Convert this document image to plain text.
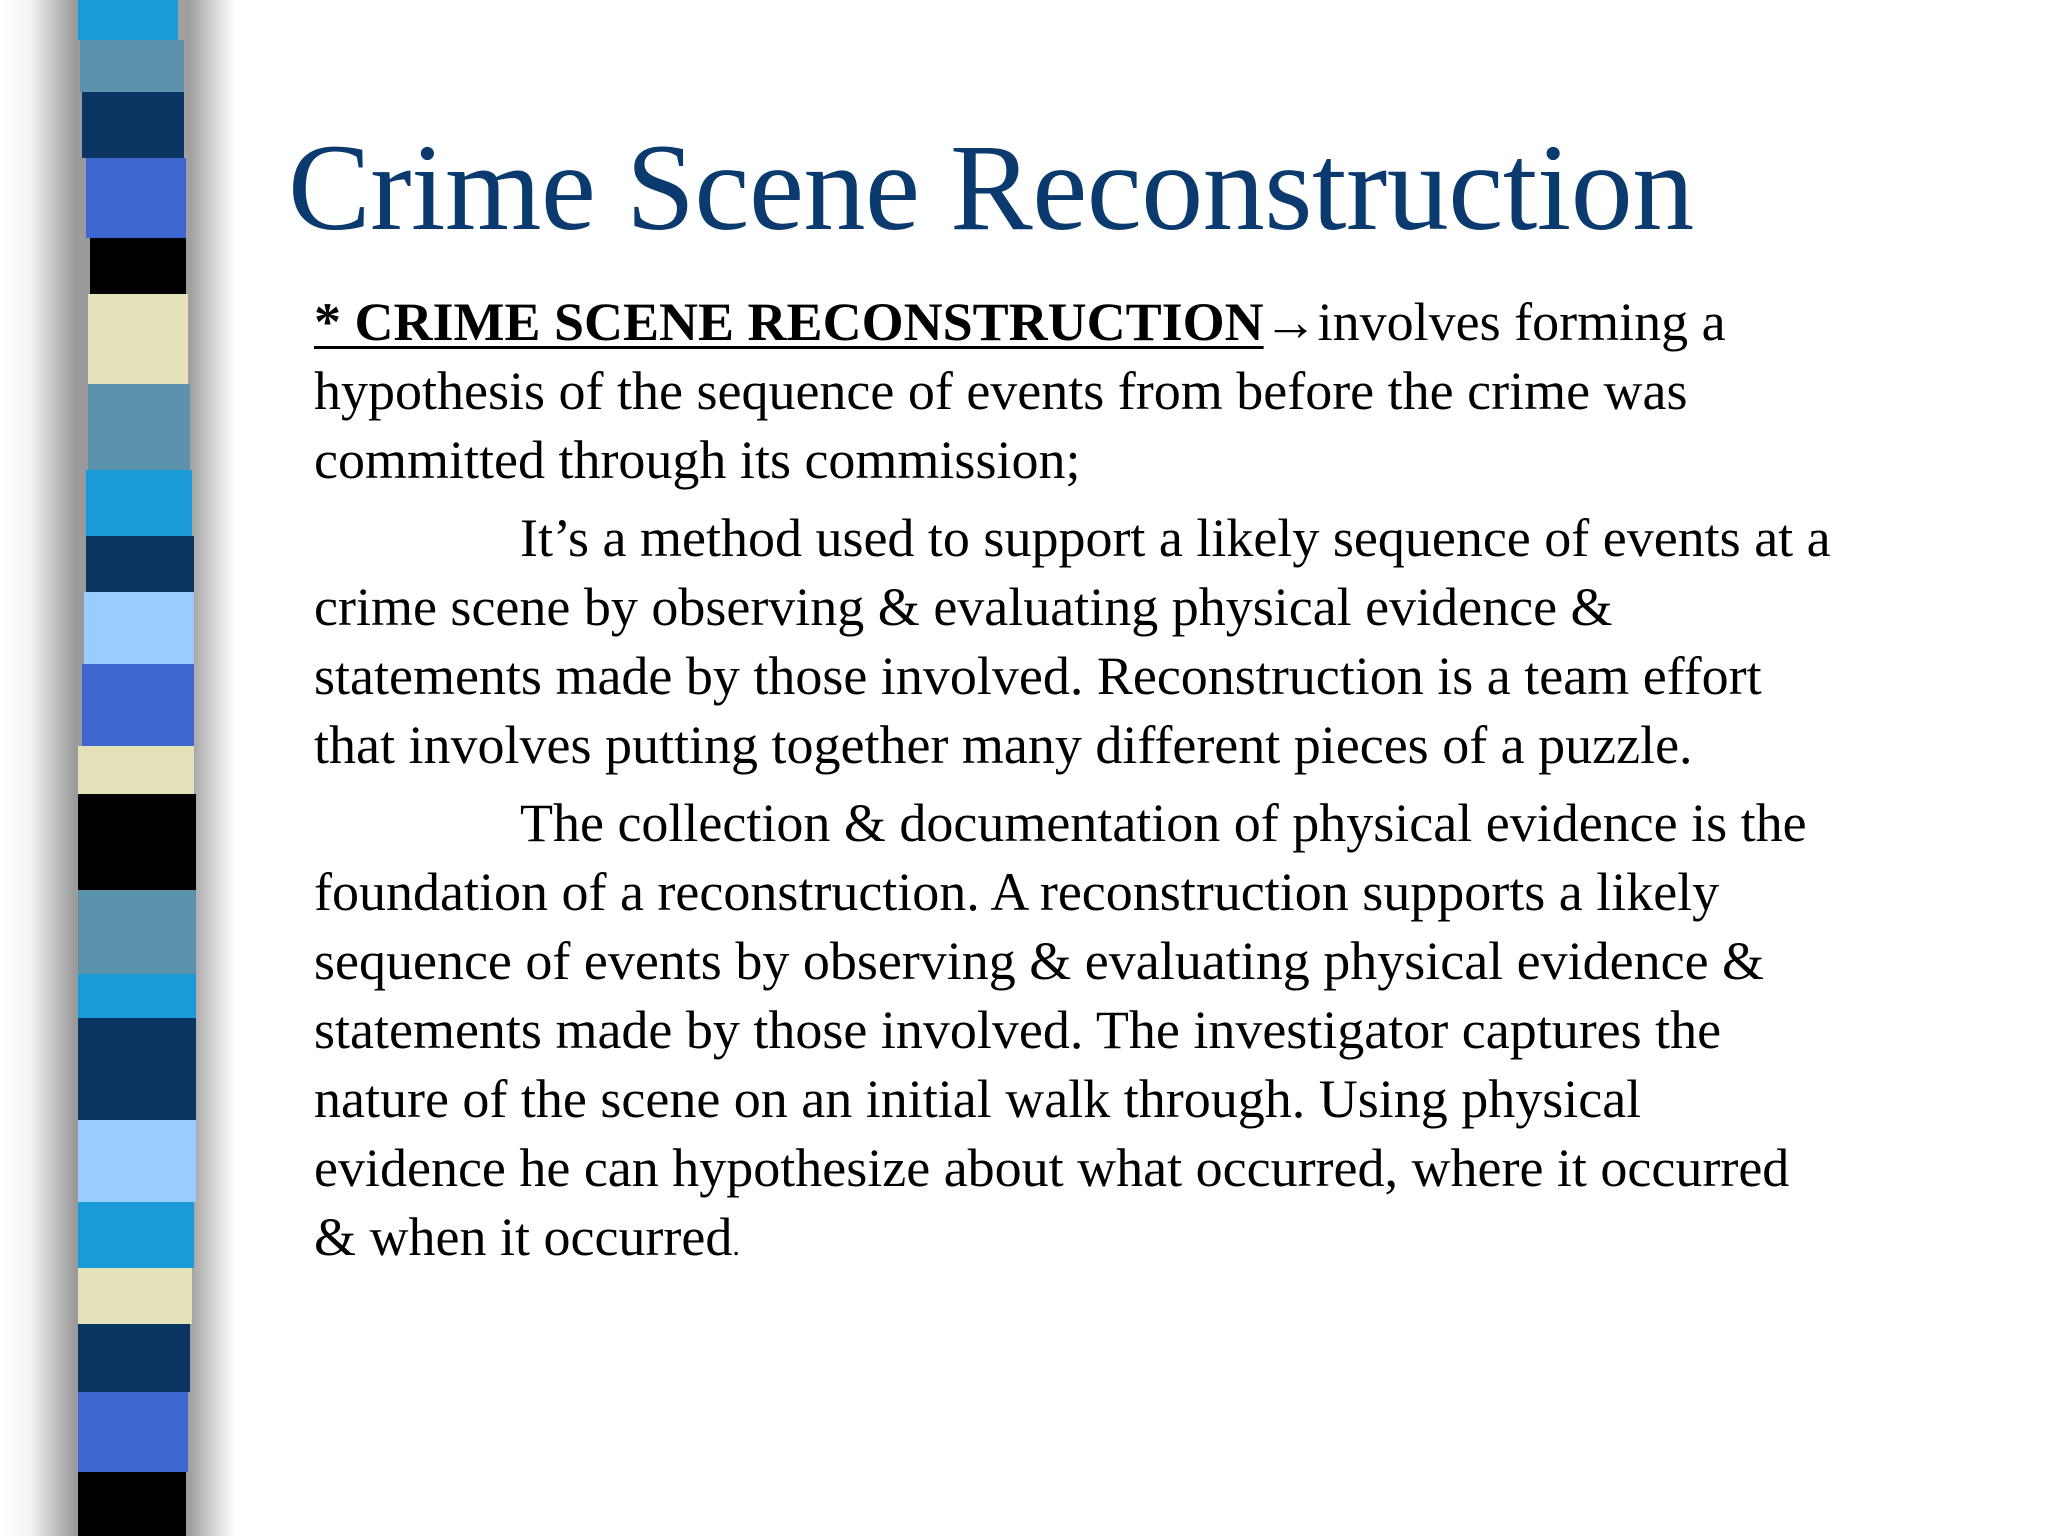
Crime Scene Reconstruction

* CRIME SCENE RECONSTRUCTION→involves forming a hypothesis of the sequence of events from before the crime was committed through its commission;

It’s a method used to support a likely sequence of events at a crime scene by observing & evaluating physical evidence & statements made by those involved. Reconstruction is a team effort that involves putting together many different pieces of a puzzle.

The collection & documentation of physical evidence is the foundation of a reconstruction. A reconstruction supports a likely sequence of events by observing & evaluating physical evidence & statements made by those involved. The investigator captures the nature of the scene on an initial walk through. Using physical evidence he can hypothesize about what occurred, where it occurred & when it occurred.
